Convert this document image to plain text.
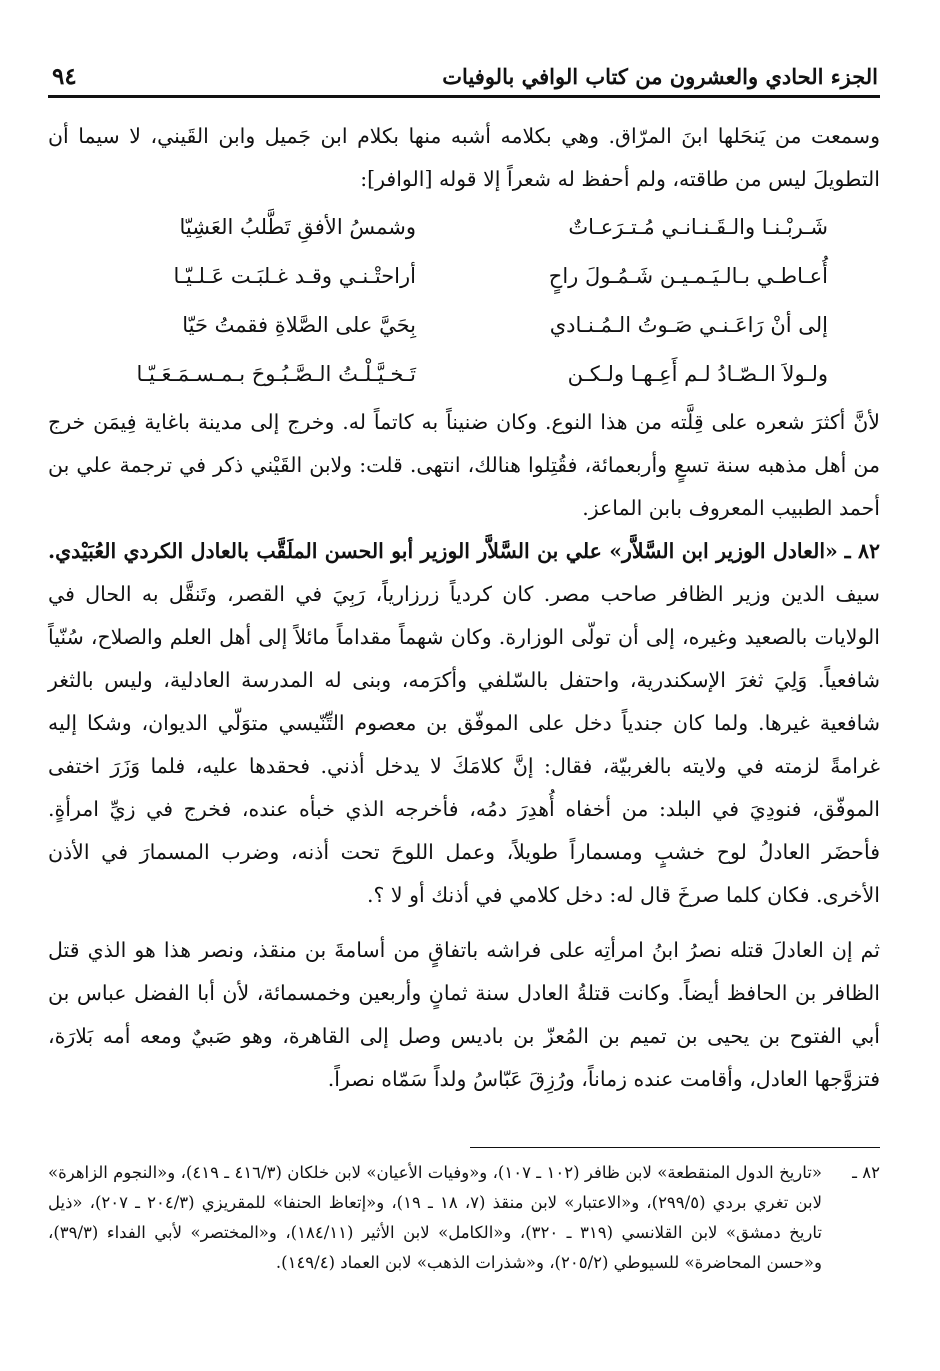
٩٤	الجزء الحادي والعشرون من كتاب الوافي بالوفيات

وسمعت من يَنحَلها ابنَ المرّاق. وهي بكلامه أشبه منها بكلام ابن جَميل وابن القَيني، لا سيما أن التطويلَ ليس من طاقته، ولم أحفظ له شعراً إلا قوله [الوافر]:

شَـربْـنـا والـقَـنـانـي مُـتـرَعـاتٌ
وشمسُ الأفقِ تَطَّلبُ العَشِيّا
أُعـاطـي بـالـيَـمـيـن شَـمُـولَ راحٍ
أراحتْـنـي وقـد غـلبَـت عَـلـيّـا
إلى أنْ رَاعَـنـي صَـوتُ الـمُـنـادي
بِحَيَّ على الصَّلاةِ فقمتُ حَيّا
ولـولاَ الـصّـادُ لـم أَعِـهـا ولـكـن
تَـخـيَّـلْـتُ الـصَّـبُـوحَ بـمـسـمَـعَـيّـا

لأنَّ أكثرَ شعره على قِلَّته من هذا النوع. وكان ضنيناً به كاتماً له. وخرج إلى مدينة باغاية فِيمَن خرج من أهل مذهبه سنة تسعٍ وأربعمائة، فقُتِلوا هنالك، انتهى. قلت: ولابن القَيْني ذكر في ترجمة علي بن أحمد الطبيب المعروف بابن الماعز.

٨٢ ـ «العادل الوزير ابن السَّلاَّر» علي بن السَّلاَّر الوزير أبو الحسن الملَقَّب بالعادل الكردي العُبَيْدي. سيف الدين وزير الظافر صاحب مصر. كان كردياً زرزارياً، رَبِيَ في القصر، وتَنقَّل به الحال في الولايات بالصعيد وغيره، إلى أن تولّى الوزارة. وكان شهماً مقداماً مائلاً إلى أهل العلم والصلاح، سُنّياً شافعياً. وَلِيَ ثغرَ الإسكندرية، واحتفل بالسّلفي وأكرَمه، وبنى له المدرسة العادلية، وليس بالثغر شافعية غيرها. ولما كان جندياً دخل على الموفّق بن معصوم التِّنّيسي متوَلّي الديوان، وشكا إليه غرامةً لزمته في ولايته بالغربيّة، فقال: إنَّ كلامَكَ لا يدخل أذني. فحقدها عليه، فلما وَزَرَ اختفى الموفّق، فنودِيَ في البلد: من أخفاه أُهدِرَ دمُه، فأخرجه الذي خبأه عنده، فخرج في زيِّ امرأةٍ. فأحضَر العادلُ لوح خشبٍ ومسماراً طويلاً، وعمل اللوحَ تحت أذنه، وضرب المسمارَ في الأذن الأخرى. فكان كلما صرخَ قال له: دخل كلامي في أذنك أو لا ؟.

ثم إن العادلَ قتله نصرُ ابنُ امرأتِه على فراشه باتفاقٍ من أسامةَ بن منقذ، ونصر هذا هو الذي قتل الظافر بن الحافظ أيضاً. وكانت قتلةُ العادل سنة ثمانٍ وأربعين وخمسمائة، لأن أبا الفضل عباس بن أبي الفتوح بن يحيى بن تميم بن المُعزّ بن باديس وصل إلى القاهرة، وهو صَبيٌ ومعه أمه بَلارَة، فتزوَّجها العادل، وأقامت عنده زماناً، ورُزِقَ عَبّاسُ ولداً سَمّاه نصراً.

٨٢ ـ
«تاريخ الدول المنقطعة» لابن ظافر (١٠٢ ـ ١٠٧)، و«وفيات الأعيان» لابن خلكان (٤١٦/٣ ـ ٤١٩)، و«النجوم الزاهرة» لابن تغري بردي (٢٩٩/٥)، و«الاعتبار» لابن منقذ (٧، ١٨ ـ ١٩)، و«إتعاظ الحنفا» للمقريزي (٢٠٤/٣ ـ ٢٠٧)، «ذيل تاريخ دمشق» لابن القلانسي (٣١٩ ـ ٣٢٠)، و«الكامل» لابن الأثير (١٨٤/١١)، و«المختصر» لأبي الفداء (٣٩/٣)، و«حسن المحاضرة» للسيوطي (٢٠٥/٢)، و«شذرات الذهب» لابن العماد (١٤٩/٤).
